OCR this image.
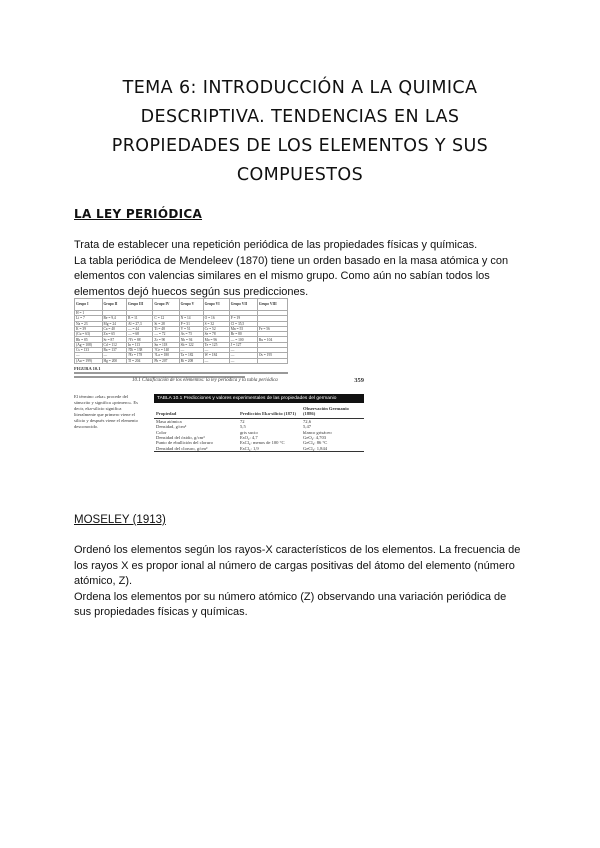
TEMA 6: INTRODUCCIÓN A LA QUIMICA
DESCRIPTIVA. TENDENCIAS EN LAS
PROPIEDADES DE LOS ELEMENTOS Y SUS
COMPUESTOS
LA LEY PERIÓDICA
Trata de establecer una repetición periódica de las propiedades físicas y químicas.
La tabla periódica de Mendeleev (1870) tiene un orden basado en la masa atómica y con
elementos con valencias similares en el mismo grupo. Como aún no sabían todos los
elementos dejó huecos según sus predicciones.
Grupo I	Grupo II	Grupo III	Grupo IV	Grupo V	Grupo VI	Grupo VII	Grupo VIII
H = 1							
Li = 7	Be = 9,4	B = 11	C = 12	N = 14	O = 16	F = 19	
Na = 23	Mg = 24	Al = 27,3	Si = 28	P = 31	S = 32	Cl = 35,5	
K = 39	Ca = 40	— = 44	Ti = 48	V = 51	Cr = 52	Mn = 55	Fe = 56
(Cu = 63)	Zn = 65	— = 68	— = 72	As = 75	Se = 78	Br = 80	
Rb = 85	Sr = 87	?Yt = 88	Zr = 90	Nb = 94	Mo = 96	— = 100	Ru = 104
(Ag = 108)	Cd = 112	In = 113	Sn = 118	Sb = 122	Te = 125	J = 127	
Cs = 133	Ba = 137	?Di = 138	?Ce = 140	—	—	—	
—	—	?Er = 178	?La = 180	Ta = 182	W = 184	—	Os = 195
(Au = 199)	Hg = 200	Tl = 204	Pb = 207	Bi = 208	—	—	
FIGURA 10.1
10.1 Clasificación de los elementos: la ley periódica y la tabla periódica	359
El término «eka» procede del sánscrito y significa «primero». Es decir, eka-silicio significa literalmente que primero viene el silicio y después viene el elemento desconocido.
TABLA 10.1 Predicciones y valores experimentales de las propiedades del germanio
Propiedad	Predicción Eka-silicio (1871)	Observación Germanio (1886)
Masa atómica	72	72,6
Densidad, g/cm³	5,5	5,47
Color	gris sucio	blanco grisáceo
Densidad del óxido, g/cm³	EsO₂: 4,7	GeO₂: 4,703
Punto de ebullición del cloruro	EsCl₄: menos de 100 °C	GeCl₄: 86 °C
Densidad del cloruro, g/cm³	EsCl₄: 1,9	GeCl₄: 1,844
MOSELEY (1913)
Ordenó los elementos según los rayos-X característicos de los elementos. La frecuencia de
los rayos X es propor ional al número de cargas positivas del átomo del elemento (número
atómico, Z).
Ordena los elementos por su número atómico (Z) observando una variación periódica de
sus propiedades físicas y químicas.
